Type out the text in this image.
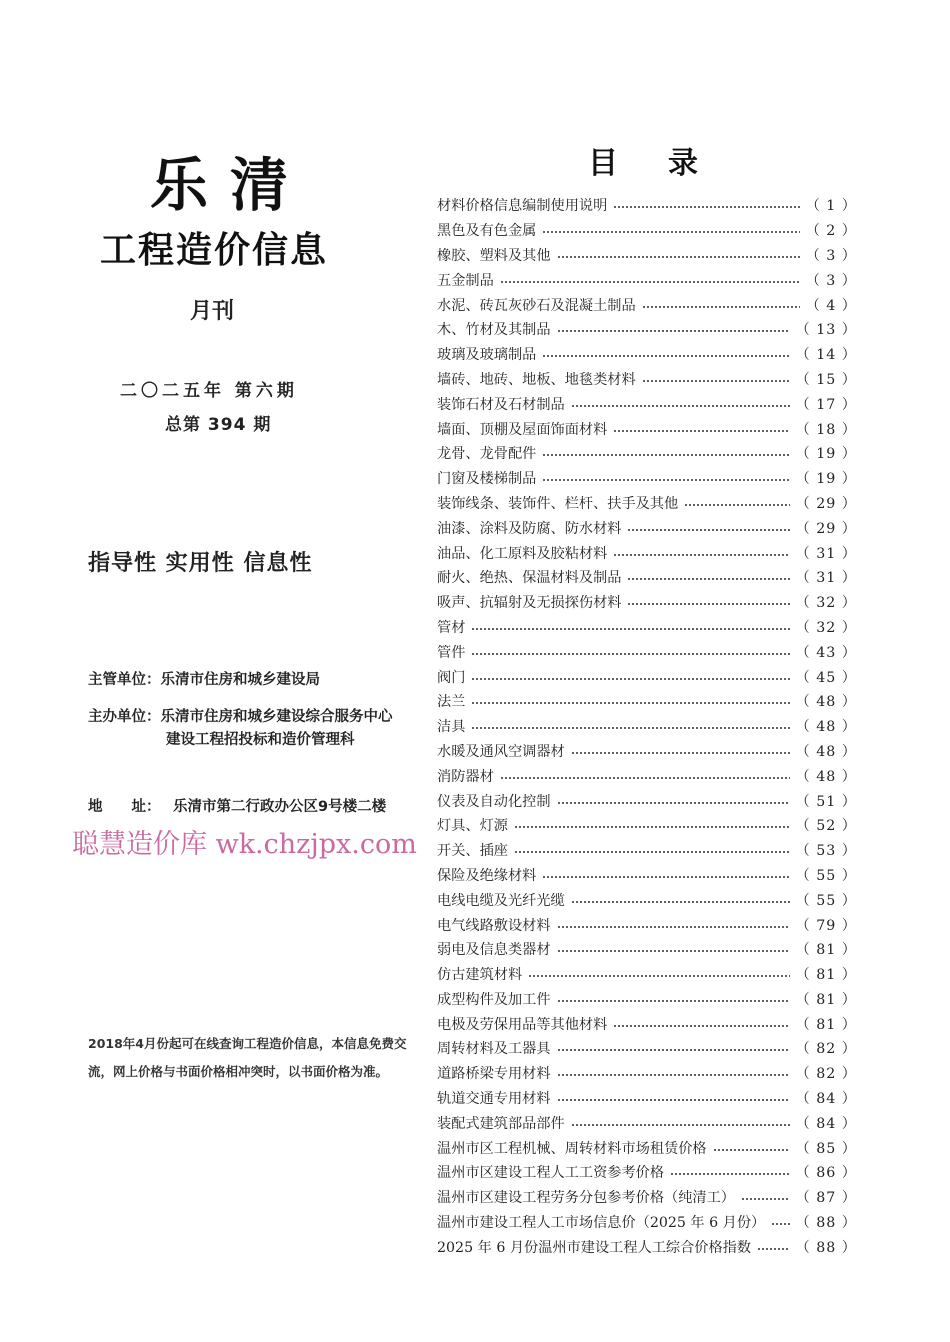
乐清
工程造价信息
月刊
二〇二五年 第六期
总第 394 期
指导性 实用性 信息性
主管单位：乐清市住房和城乡建设局
主办单位：乐清市住房和城乡建设综合服务中心
建设工程招投标和造价管理科
地　　址： 乐清市第二行政办公区9号楼二楼
聪慧造价库 wk.chzjpx.com
2018年4月份起可在线查询工程造价信息，本信息免费交流，网上价格与书面价格相冲突时，以书面价格为准。
目录
材料价格信息编制使用说明	（ 1 ）
黑色及有色金属	（ 2 ）
橡胶、塑料及其他	（ 3 ）
五金制品	（ 3 ）
水泥、砖瓦灰砂石及混凝土制品	（ 4 ）
木、竹材及其制品	（ 13 ）
玻璃及玻璃制品	（ 14 ）
墙砖、地砖、地板、地毯类材料	（ 15 ）
装饰石材及石材制品	（ 17 ）
墙面、顶棚及屋面饰面材料	（ 18 ）
龙骨、龙骨配件	（ 19 ）
门窗及楼梯制品	（ 19 ）
装饰线条、装饰件、栏杆、扶手及其他	（ 29 ）
油漆、涂料及防腐、防水材料	（ 29 ）
油品、化工原料及胶粘材料	（ 31 ）
耐火、绝热、保温材料及制品	（ 31 ）
吸声、抗辐射及无损探伤材料	（ 32 ）
管材	（ 32 ）
管件	（ 43 ）
阀门	（ 45 ）
法兰	（ 48 ）
洁具	（ 48 ）
水暖及通风空调器材	（ 48 ）
消防器材	（ 48 ）
仪表及自动化控制	（ 51 ）
灯具、灯源	（ 52 ）
开关、插座	（ 53 ）
保险及绝缘材料	（ 55 ）
电线电缆及光纤光缆	（ 55 ）
电气线路敷设材料	（ 79 ）
弱电及信息类器材	（ 81 ）
仿古建筑材料	（ 81 ）
成型构件及加工件	（ 81 ）
电极及劳保用品等其他材料	（ 81 ）
周转材料及工器具	（ 82 ）
道路桥梁专用材料	（ 82 ）
轨道交通专用材料	（ 84 ）
装配式建筑部品部件	（ 84 ）
温州市区工程机械、周转材料市场租赁价格	（ 85 ）
温州市区建设工程人工工资参考价格	（ 86 ）
温州市区建设工程劳务分包参考价格（纯清工）	（ 87 ）
温州市建设工程人工市场信息价（2025 年 6 月份） （ 88 ）
2025 年 6 月份温州市建设工程人工综合价格指数	（ 88 ）
